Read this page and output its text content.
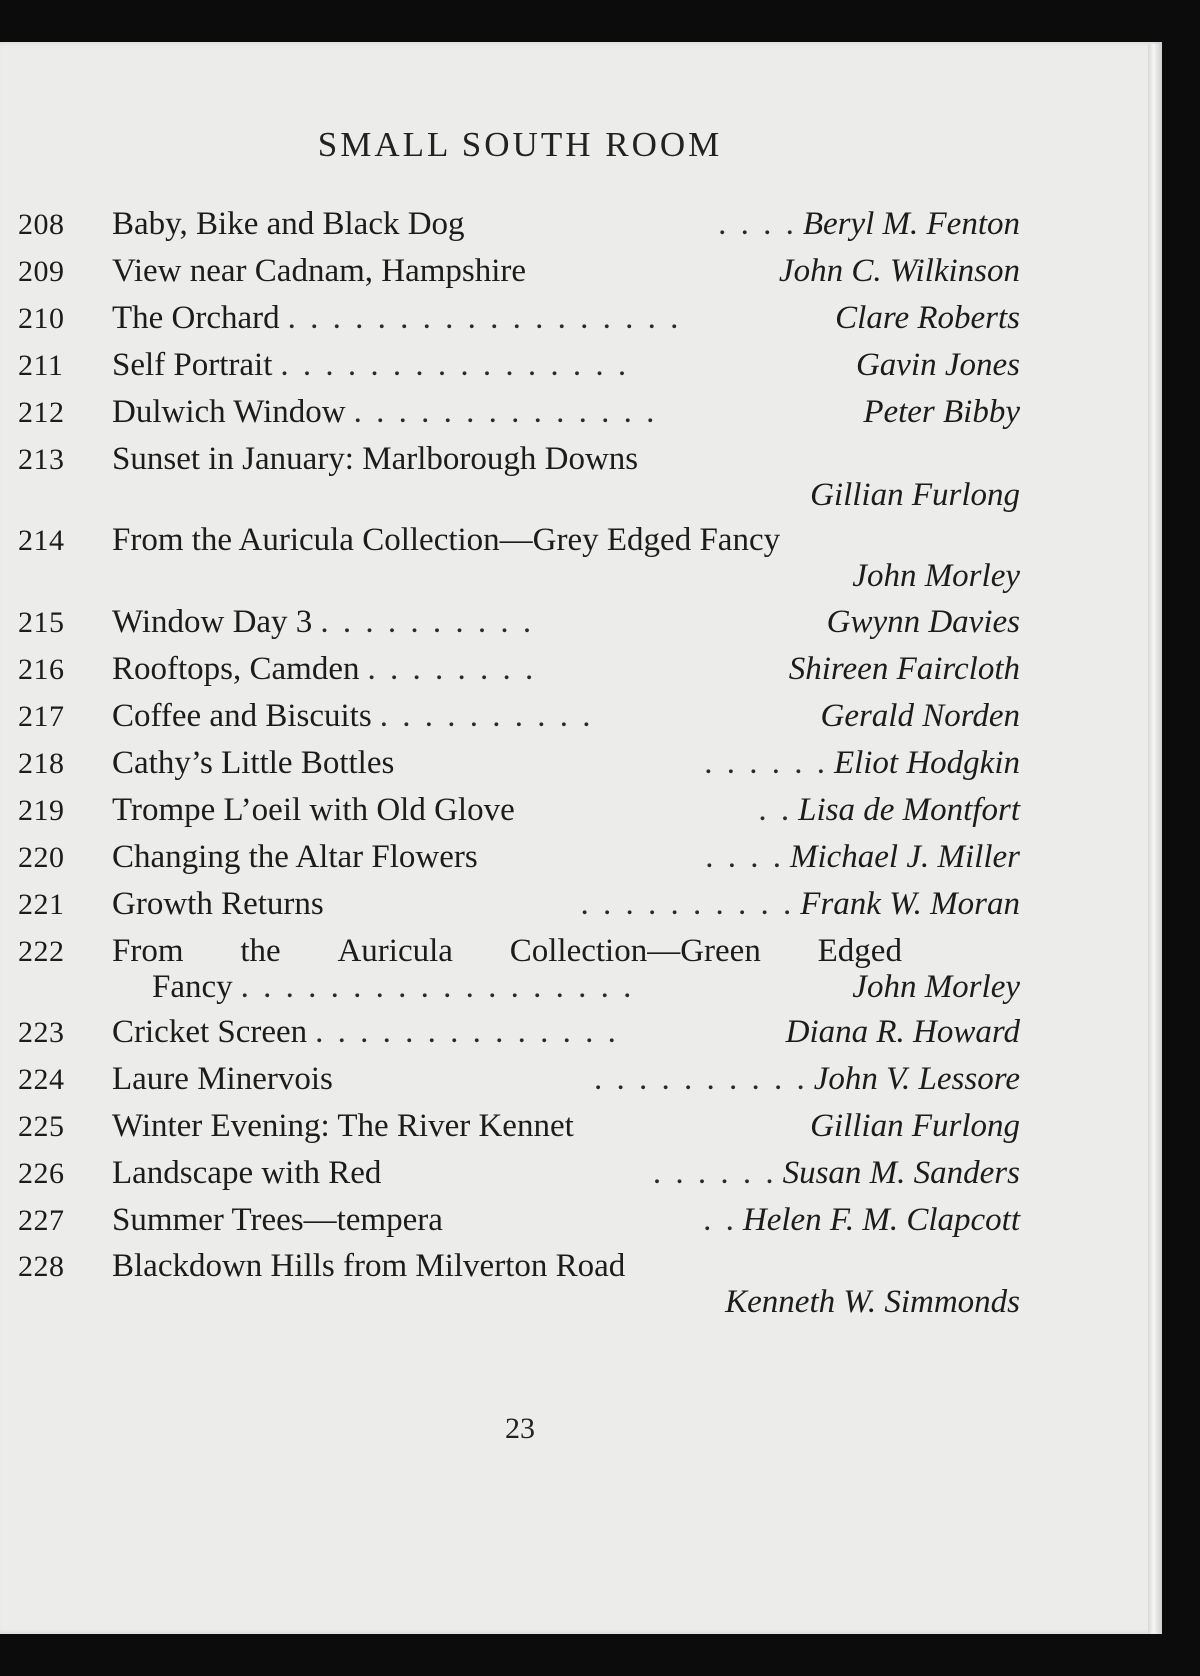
SMALL SOUTH ROOM
208	Baby, Bike and Black Dog	. . . . Beryl M. Fenton
209	View near Cadnam, Hampshire	John C. Wilkinson
210	The Orchard . . . . . . . . . . . . . . . . . .	Clare Roberts
211	Self Portrait . . . . . . . . . . . . . . . .	Gavin Jones
212	Dulwich Window . . . . . . . . . . . . . .	Peter Bibby
213	Sunset in January: Marlborough Downs
Gillian Furlong
214	From the Auricula Collection—Grey Edged Fancy
John Morley
215	Window Day 3 . . . . . . . . . .	Gwynn Davies
216	Rooftops, Camden . . . . . . . .	Shireen Faircloth
217	Coffee and Biscuits . . . . . . . . . .	Gerald Norden
218	Cathy’s Little Bottles	. . . . . . Eliot Hodgkin
219	Trompe L’oeil with Old Glove	. . Lisa de Montfort
220	Changing the Altar Flowers	. . . . Michael J. Miller
221	Growth Returns	. . . . . . . . . . Frank W. Moran
222	From the Auricula Collection—Green Edged
Fancy . . . . . . . . . . . . . . . . . .	John Morley
223	Cricket Screen . . . . . . . . . . . . . .	Diana R. Howard
224	Laure Minervois	. . . . . . . . . . John V. Lessore
225	Winter Evening: The River Kennet	Gillian Furlong
226	Landscape with Red	. . . . . . Susan M. Sanders
227	Summer Trees—tempera	. . Helen F. M. Clapcott
228	Blackdown Hills from Milverton Road
Kenneth W. Simmonds
23
